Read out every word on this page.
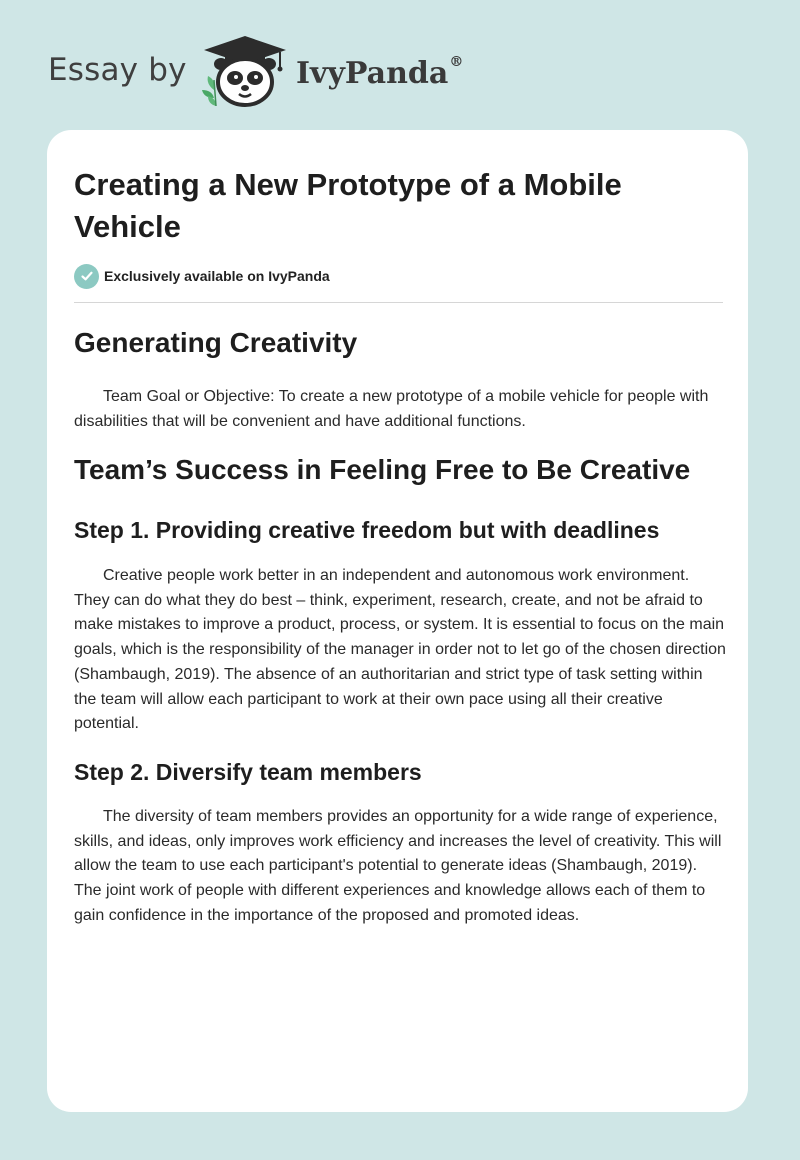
Essay by	IvyPanda®
Creating a New Prototype of a Mobile Vehicle
Exclusively available on IvyPanda
Generating Creativity

Team Goal or Objective: To create a new prototype of a mobile vehicle for people with disabilities that will be convenient and have additional functions.

Team’s Success in Feeling Free to Be Creative
Step 1. Providing creative freedom but with deadlines

Creative people work better in an independent and autonomous work environment. They can do what they do best – think, experiment, research, create, and not be afraid to make mistakes to improve a product, process, or system. It is essential to focus on the main goals, which is the responsibility of the manager in order not to let go of the chosen direction (Shambaugh, 2019). The absence of an authoritarian and strict type of task setting within the team will allow each participant to work at their own pace using all their creative potential.

Step 2. Diversify team members

The diversity of team members provides an opportunity for a wide range of experience, skills, and ideas, only improves work efficiency and increases the level of creativity. This will allow the team to use each participant's potential to generate ideas (Shambaugh, 2019). The joint work of people with different experiences and knowledge allows each of them to gain confidence in the importance of the proposed and promoted ideas.
